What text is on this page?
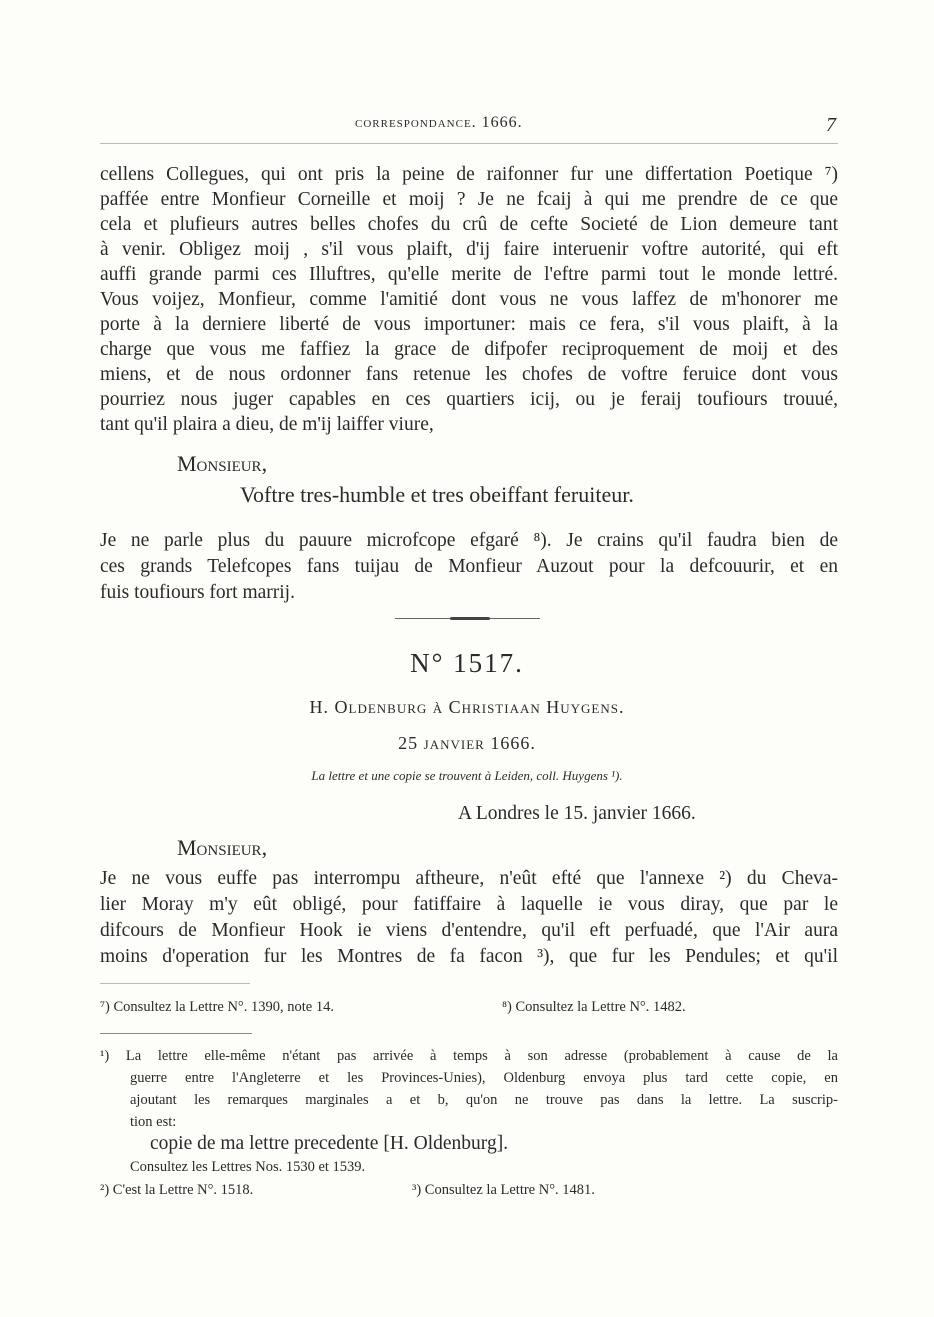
correspondance. 1666.	7
cellens Collegues, qui ont pris la peine de raifonner fur une differtation Poetique ⁷)
paffée entre Monfieur Corneille et moij ? Je ne fcaij à qui me prendre de ce que
cela et plufieurs autres belles chofes du crû de cefte Societé de Lion demeure tant
à venir. Obligez moij , s'il vous plaift, d'ij faire interuenir voftre autorité, qui eft
auffi grande parmi ces Illuftres, qu'elle merite de l'eftre parmi tout le monde lettré.
Vous voijez, Monfieur, comme l'amitié dont vous ne vous laffez de m'honorer me
porte à la derniere liberté de vous importuner: mais ce fera, s'il vous plaift, à la
charge que vous me faffiez la grace de difpofer reciproquement de moij et des
miens, et de nous ordonner fans retenue les chofes de voftre feruice dont vous
pourriez nous juger capables en ces quartiers icij, ou je feraij toufiours trouué,
tant qu'il plaira a dieu, de m'ij laiffer viure,
Monsieur,
Voftre tres-humble et tres obeiffant feruiteur.
Je ne parle plus du pauure microfcope efgaré ⁸). Je crains qu'il faudra bien de
ces grands Telefcopes fans tuijau de Monfieur Auzout pour la defcouurir, et en
fuis toufiours fort marrij.
N° 1517.
H. Oldenburg à Christiaan Huygens.
25 janvier 1666.
La lettre et une copie se trouvent à Leiden, coll. Huygens ¹).
A Londres le 15. janvier 1666.
Monsieur,
Je ne vous euffe pas interrompu aftheure, n'eût efté que l'annexe ²) du Cheva-
lier Moray m'y eût obligé, pour fatiffaire à laquelle ie vous diray, que par le
difcours de Monfieur Hook ie viens d'entendre, qu'il eft perfuadé, que l'Air aura
moins d'operation fur les Montres de fa facon ³), que fur les Pendules; et qu'il
⁷) Consultez la Lettre N°. 1390, note 14.	⁸) Consultez la Lettre N°. 1482.
¹) La lettre elle-même n'étant pas arrivée à temps à son adresse (probablement à cause de la
guerre entre l'Angleterre et les Provinces-Unies), Oldenburg envoya plus tard cette copie, en
ajoutant les remarques marginales a et b, qu'on ne trouve pas dans la lettre. La suscrip-
tion est:
copie de ma lettre precedente [H. Oldenburg].
Consultez les Lettres Nos. 1530 et 1539.
²) C'est la Lettre N°. 1518.	³) Consultez la Lettre N°. 1481.
